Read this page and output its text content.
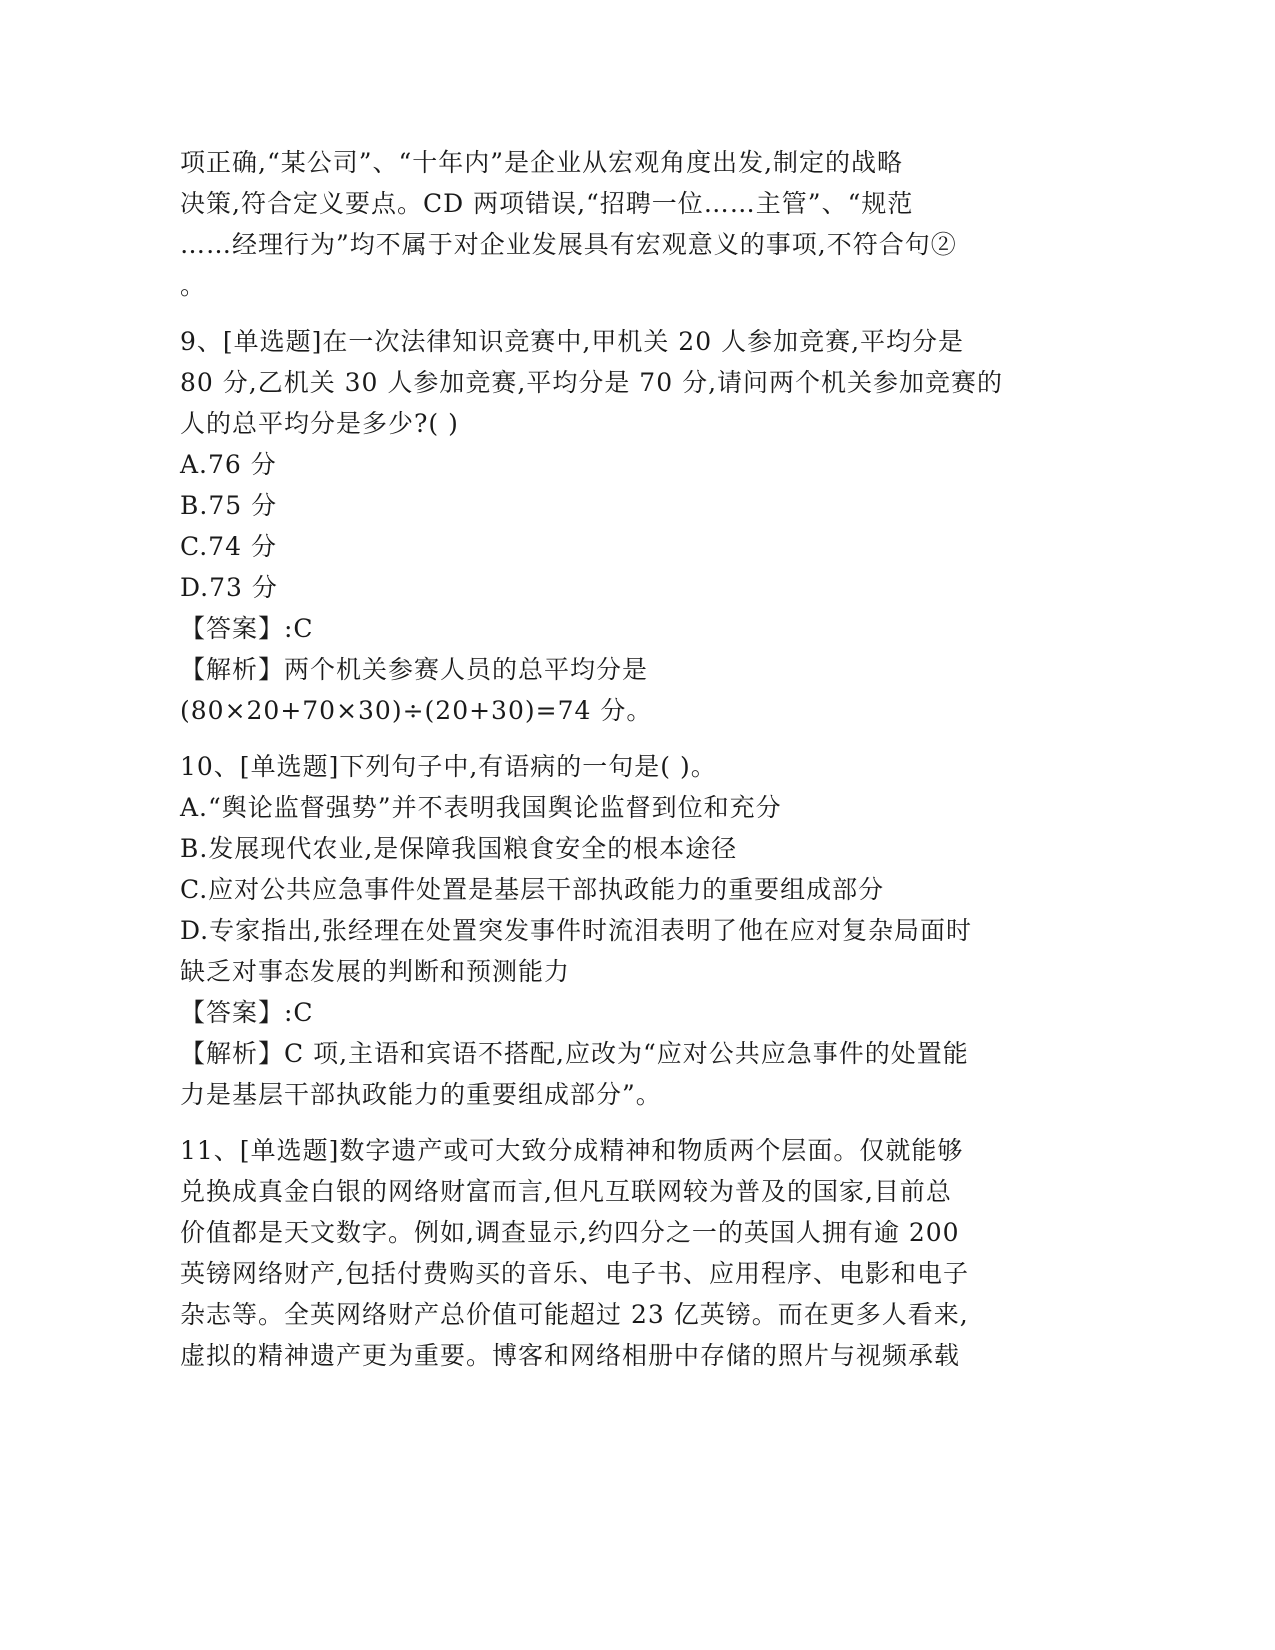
项正确,“某公司”、“十年内”是企业从宏观角度出发,制定的战略
决策,符合定义要点。CD 两项错误,“招聘一位……主管”、“规范
……经理行为”均不属于对企业发展具有宏观意义的事项,不符合句②
。
9、[单选题]在一次法律知识竞赛中,甲机关 20 人参加竞赛,平均分是
80 分,乙机关 30 人参加竞赛,平均分是 70 分,请问两个机关参加竞赛的
人的总平均分是多少?( )
A.76 分
B.75 分
C.74 分
D.73 分
【答案】:C
【解析】两个机关参赛人员的总平均分是
(80×20+70×30)÷(20+30)=74 分。
10、[单选题]下列句子中,有语病的一句是( )。
A.“舆论监督强势”并不表明我国舆论监督到位和充分
B.发展现代农业,是保障我国粮食安全的根本途径
C.应对公共应急事件处置是基层干部执政能力的重要组成部分
D.专家指出,张经理在处置突发事件时流泪表明了他在应对复杂局面时
缺乏对事态发展的判断和预测能力
【答案】:C
【解析】C 项,主语和宾语不搭配,应改为“应对公共应急事件的处置能
力是基层干部执政能力的重要组成部分”。
11、[单选题]数字遗产或可大致分成精神和物质两个层面。仅就能够
兑换成真金白银的网络财富而言,但凡互联网较为普及的国家,目前总
价值都是天文数字。例如,调查显示,约四分之一的英国人拥有逾 200
英镑网络财产,包括付费购买的音乐、电子书、应用程序、电影和电子
杂志等。全英网络财产总价值可能超过 23 亿英镑。而在更多人看来,
虚拟的精神遗产更为重要。博客和网络相册中存储的照片与视频承载
